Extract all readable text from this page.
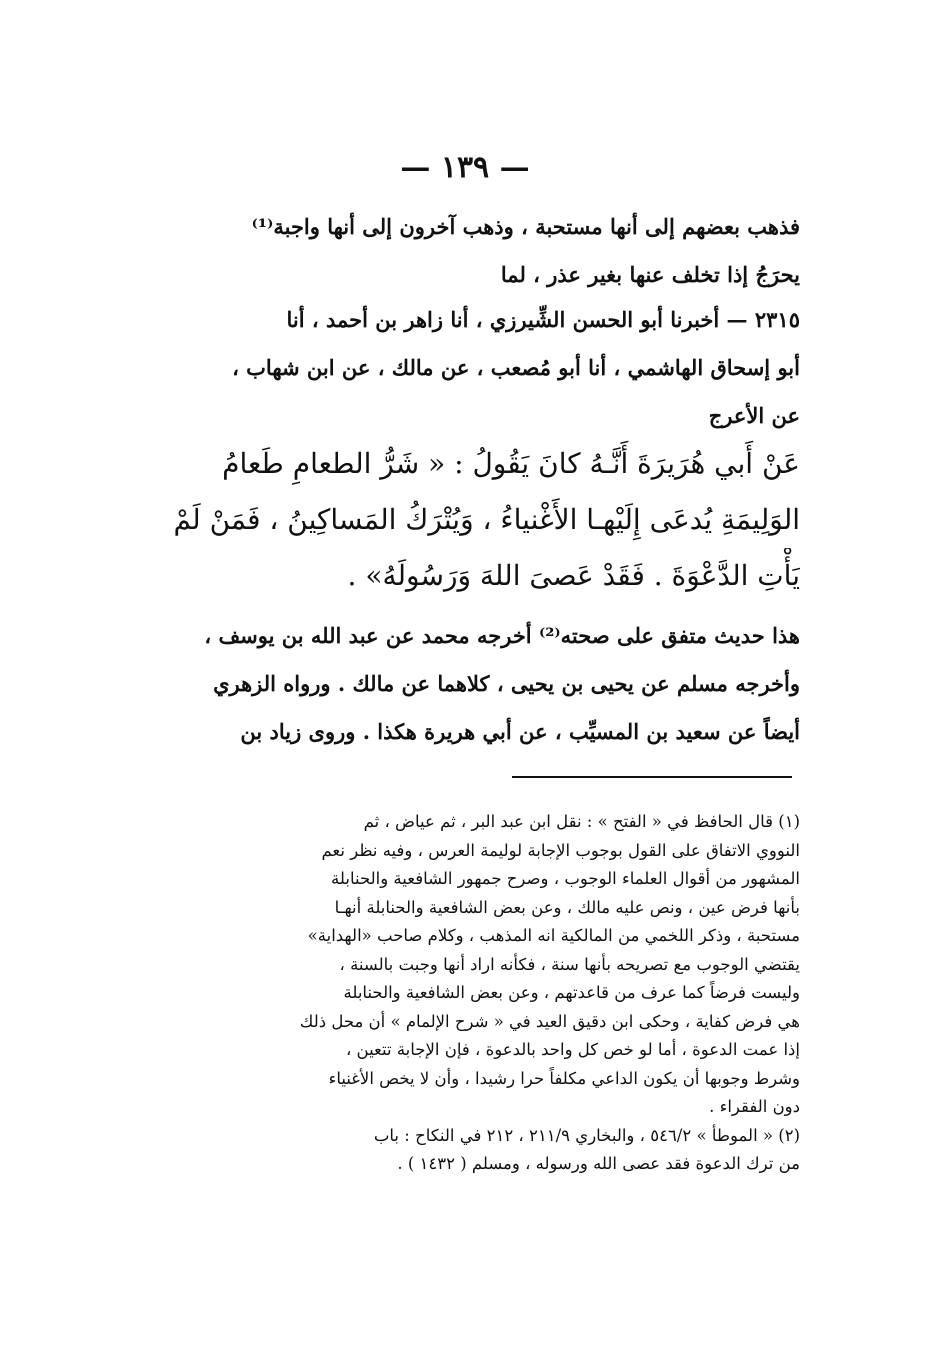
— ١٣٩ —
فذهب بعضهم إلى أنها مستحبة ، وذهب آخرون إلى أنها واجبة⁽¹⁾
يحرَجُ إذا تخلف عنها بغير عذر ، لما
٢٣١٥ — أخبرنا أبو الحسن الشِّيرزي ، أنا زاهر بن أحمد ، أنا
أبو إسحاق الهاشمي ، أنا أبو مُصعب ، عن مالك ، عن ابن شهاب ،
عن الأعرج
عَنْ أَبي هُرَيرَةَ أَنَّـهُ كانَ يَقُولُ : « شَرُّ الطعامِ طَعامُ
الوَلِيمَةِ يُدعَى إِلَيْهـا الأَغْنياءُ ، وَيُتْرَكُ المَساكِينُ ، فَمَنْ لَمْ
يَأْتِ الدَّعْوَةَ . فَقَدْ عَصىَ اللهَ وَرَسُولَهُ» .
هذا حديث متفق على صحته⁽²⁾ أخرجه محمد عن عبد الله بن يوسف ،
وأخرجه مسلم عن يحيى بن يحيى ، كلاهما عن مالك . ورواه الزهري
أيضاً عن سعيد بن المسيِّب ، عن أبي هريرة هكذا . وروى زياد بن
(١) قال الحافظ في « الفتح » : نقل ابن عبد البر ، ثم عياض ، ثم
النووي الاتفاق على القول بوجوب الإجابة لوليمة العرس ، وفيه نظر نعم
المشهور من أقوال العلماء الوجوب ، وصرح جمهور الشافعية والحنابلة
بأنها فرض عين ، ونص عليه مالك ، وعن بعض الشافعية والحنابلة أنهـا
مستحبة ، وذكر اللخمي من المالكية انه المذهب ، وكلام صاحب «الهداية»
يقتضي الوجوب مع تصريحه بأنها سنة ، فكأنه اراد أنها وجبت بالسنة ،
وليست فرضاً كما عرف من قاعدتهم ، وعن بعض الشافعية والحنابلة
هي فرض كفاية ، وحكى ابن دقيق العيد في « شرح الإلمام » أن محل ذلك
إذا عمت الدعوة ، أما لو خص كل واحد بالدعوة ، فإن الإجابة تتعين ،
وشرط وجوبها أن يكون الداعي مكلفاً حرا رشيدا ، وأن لا يخص الأغنياء
دون الفقراء .
(٢) « الموطأ » ٥٤٦/٢ ، والبخاري ٢١١/٩ ، ٢١٢ في النكاح : باب
من ترك الدعوة فقد عصى الله ورسوله ، ومسلم ( ١٤٣٢ ) .
